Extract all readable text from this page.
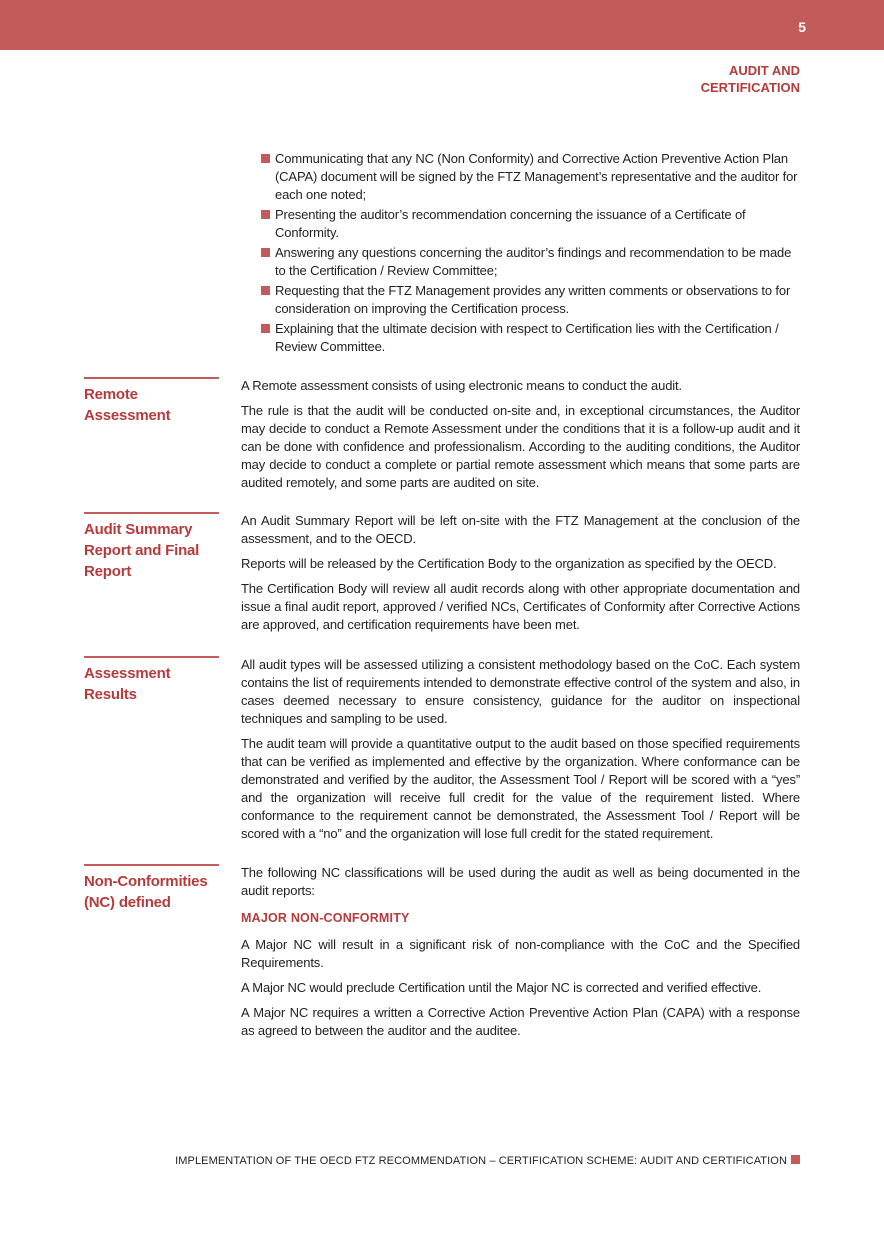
5
AUDIT AND
CERTIFICATION
Communicating that any NC (Non Conformity) and Corrective Action Preventive Action Plan (CAPA) document will be signed by the FTZ Management’s representative and the auditor for each one noted;
Presenting the auditor’s recommendation concerning the issuance of a Certificate of Conformity.
Answering any questions concerning the auditor’s findings and recommendation to be made to the Certification / Review Committee;
Requesting that the FTZ Management provides any written comments or observations to for consideration on improving the Certification process.
Explaining that the ultimate decision with respect to Certification lies with the Certification / Review Committee.
Remote Assessment

A Remote assessment consists of using electronic means to conduct the audit.

The rule is that the audit will be conducted on-site and, in exceptional circumstances, the Auditor may decide to conduct a Remote Assessment under the conditions that it is a follow-up audit and it can be done with confidence and professionalism. According to the auditing conditions, the Auditor may decide to conduct a complete or partial remote assessment which means that some parts are audited remotely, and some parts are audited on site.

Audit Summary Report and Final Report

An Audit Summary Report will be left on-site with the FTZ Management at the conclusion of the assessment, and to the OECD.

Reports will be released by the Certification Body to the organization as specified by the OECD.

The Certification Body will review all audit records along with other appropriate documentation and issue a final audit report, approved / verified NCs, Certificates of Conformity after Corrective Actions are approved, and certification requirements have been met.

Assessment Results

All audit types will be assessed utilizing a consistent methodology based on the CoC. Each system contains the list of requirements intended to demonstrate effective control of the system and also, in cases deemed necessary to ensure consistency, guidance for the auditor on inspectional techniques and sampling to be used.

The audit team will provide a quantitative output to the audit based on those specified requirements that can be verified as implemented and effective by the organization. Where conformance can be demonstrated and verified by the auditor, the Assessment Tool / Report will be scored with a “yes” and the organization will receive full credit for the value of the requirement listed. Where conformance to the requirement cannot be demonstrated, the Assessment Tool / Report will be scored with a “no” and the organization will lose full credit for the stated requirement.

Non-Conformities (NC) defined

The following NC classifications will be used during the audit as well as being documented in the audit reports:

MAJOR NON-CONFORMITY

A Major NC will result in a significant risk of non-compliance with the CoC and the Specified Requirements.

A Major NC would preclude Certification until the Major NC is corrected and verified effective.

A Major NC requires a written a Corrective Action Preventive Action Plan (CAPA) with a response as agreed to between the auditor and the auditee.

IMPLEMENTATION OF THE OECD FTZ RECOMMENDATION – CERTIFICATION SCHEME: AUDIT AND CERTIFICATION
